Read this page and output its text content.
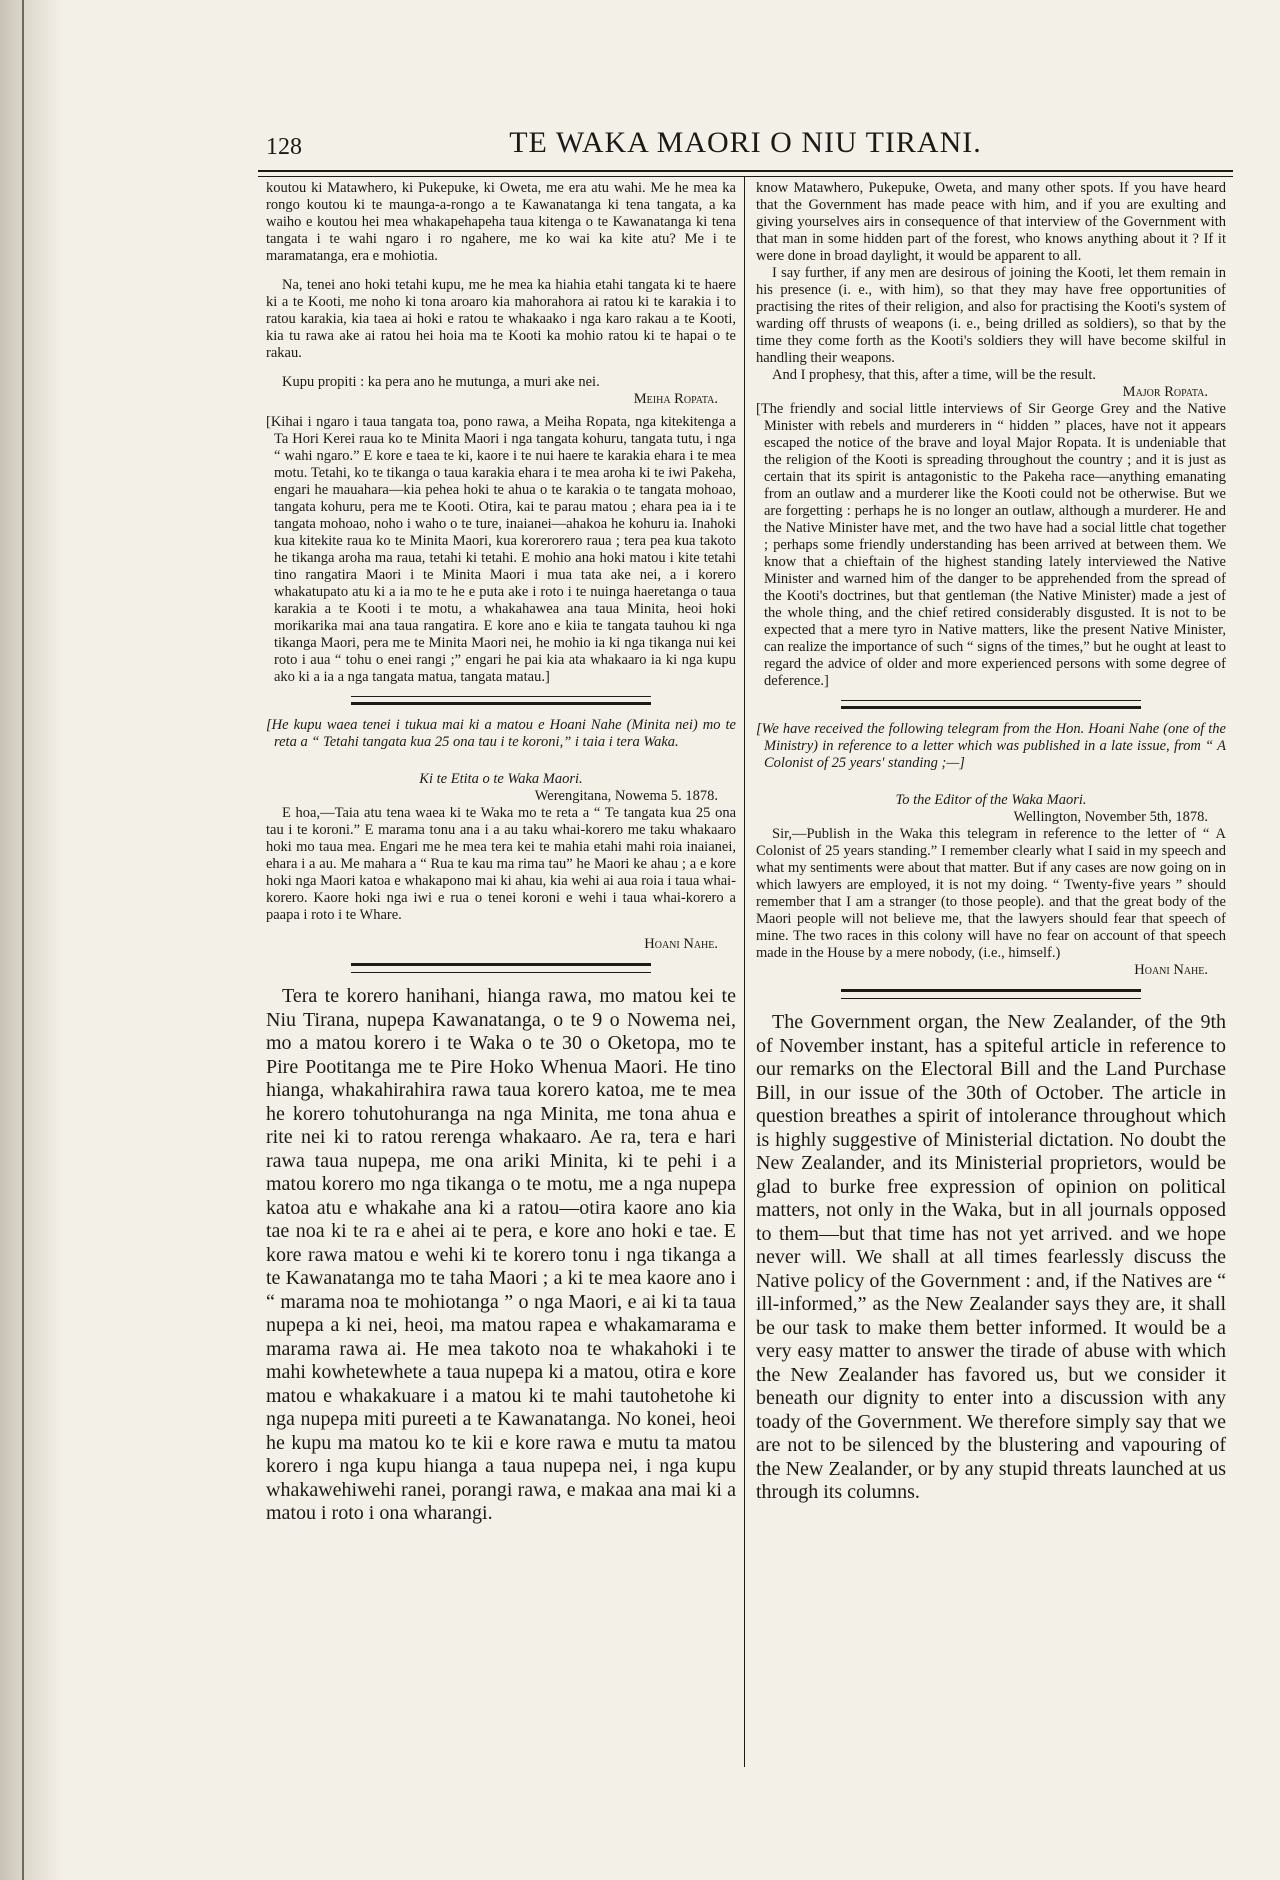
128	TE WAKA MAORI O NIU TIRANI.

koutou ki Matawhero, ki Pukepuke, ki Oweta, me era atu wahi. Me he mea ka rongo koutou ki te maunga-a-rongo a te Kawanatanga ki tena tangata, a ka waiho e koutou hei mea whakapehapeha taua kitenga o te Kawanatanga ki tena tangata i te wahi ngaro i ro ngahere, me ko wai ka kite atu? Me i te maramatanga, era e mohiotia.

Na, tenei ano hoki tetahi kupu, me he mea ka hiahia etahi tangata ki te haere ki a te Kooti, me noho ki tona aroaro kia mahorahora ai ratou ki te karakia i to ratou karakia, kia taea ai hoki e ratou te whakaako i nga karo rakau a te Kooti, kia tu rawa ake ai ratou hei hoia ma te Kooti ka mohio ratou ki te hapai o te rakau.

Kupu propiti : ka pera ano he mutunga, a muri ake nei.

Meiha Ropata.

[Kihai i ngaro i taua tangata toa, pono rawa, a Meiha Ropata, nga kitekitenga a Ta Hori Kerei raua ko te Minita Maori i nga tangata kohuru, tangata tutu, i nga “ wahi ngaro.” E kore e taea te ki, kaore i te nui haere te karakia ehara i te mea motu. Tetahi, ko te tikanga o taua karakia ehara i te mea aroha ki te iwi Pakeha, engari he mauahara—kia pehea hoki te ahua o te karakia o te tangata mohoao, tangata kohuru, pera me te Kooti. Otira, kai te parau matou ; ehara pea ia i te tangata mohoao, noho i waho o te ture, inaianei—ahakoa he kohuru ia. Inahoki kua kitekite raua ko te Minita Maori, kua korerorero raua ; tera pea kua takoto he tikanga aroha ma raua, tetahi ki tetahi. E mohio ana hoki matou i kite tetahi tino rangatira Maori i te Minita Maori i mua tata ake nei, a i korero whakatupato atu ki a ia mo te he e puta ake i roto i te nuinga haeretanga o taua karakia a te Kooti i te motu, a whakahawea ana taua Minita, heoi hoki morikarika mai ana taua rangatira. E kore ano e kiia te tangata tauhou ki nga tikanga Maori, pera me te Minita Maori nei, he mohio ia ki nga tikanga nui kei roto i aua “ tohu o enei rangi ;” engari he pai kia ata whakaaro ia ki nga kupu ako ki a ia a nga tangata matua, tangata matau.]

[He kupu waea tenei i tukua mai ki a matou e Hoani Nahe (Minita nei) mo te reta a “ Tetahi tangata kua 25 ona tau i te koroni,” i taia i tera Waka.

Ki te Etita o te Waka Maori.
Werengitana, Nowema 5. 1878.

E hoa,—Taia atu tena waea ki te Waka mo te reta a “ Te tangata kua 25 ona tau i te koroni.” E marama tonu ana i a au taku whai-korero me taku whakaaro hoki mo taua mea. Engari me he mea tera kei te mahia etahi mahi roia inaianei, ehara i a au. Me mahara a “ Rua te kau ma rima tau” he Maori ke ahau ; a e kore hoki nga Maori katoa e whakapono mai ki ahau, kia wehi ai aua roia i taua whai-korero. Kaore hoki nga iwi e rua o tenei koroni e wehi i taua whai-korero a paapa i roto i te Whare.

Hoani Nahe.

Tera te korero hanihani, hianga rawa, mo matou kei te Niu Tirana, nupepa Kawanatanga, o te 9 o Nowema nei, mo a matou korero i te Waka o te 30 o Oketopa, mo te Pire Pootitanga me te Pire Hoko Whenua Maori. He tino hianga, whakahirahira rawa taua korero katoa, me te mea he korero tohutohuranga na nga Minita, me tona ahua e rite nei ki to ratou rerenga whakaaro. Ae ra, tera e hari rawa taua nupepa, me ona ariki Minita, ki te pehi i a matou korero mo nga tikanga o te motu, me a nga nupepa katoa atu e whakahe ana ki a ratou—otira kaore ano kia tae noa ki te ra e ahei ai te pera, e kore ano hoki e tae. E kore rawa matou e wehi ki te korero tonu i nga tikanga a te Kawanatanga mo te taha Maori ; a ki te mea kaore ano i “ marama noa te mohiotanga ” o nga Maori, e ai ki ta taua nupepa a ki nei, heoi, ma matou rapea e whakamarama e marama rawa ai. He mea takoto noa te whakahoki i te mahi kowhetewhete a taua nupepa ki a matou, otira e kore matou e whakakuare i a matou ki te mahi tautohetohe ki nga nupepa miti pureeti a te Kawanatanga. No konei, heoi he kupu ma matou ko te kii e kore rawa e mutu ta matou korero i nga kupu hianga a taua nupepa nei, i nga kupu whakawehiwehi ranei, porangi rawa, e makaa ana mai ki a matou i roto i ona wharangi.

know Matawhero, Pukepuke, Oweta, and many other spots. If you have heard that the Government has made peace with him, and if you are exulting and giving yourselves airs in consequence of that interview of the Government with that man in some hidden part of the forest, who knows anything about it ? If it were done in broad daylight, it would be apparent to all.

I say further, if any men are desirous of joining the Kooti, let them remain in his presence (i. e., with him), so that they may have free opportunities of practising the rites of their religion, and also for practising the Kooti's system of warding off thrusts of weapons (i. e., being drilled as soldiers), so that by the time they come forth as the Kooti's soldiers they will have become skilful in handling their weapons.

And I prophesy, that this, after a time, will be the result.

Major Ropata.

[The friendly and social little interviews of Sir George Grey and the Native Minister with rebels and murderers in “ hidden ” places, have not it appears escaped the notice of the brave and loyal Major Ropata. It is undeniable that the religion of the Kooti is spreading throughout the country ; and it is just as certain that its spirit is antagonistic to the Pakeha race—anything emanating from an outlaw and a murderer like the Kooti could not be otherwise. But we are forgetting : perhaps he is no longer an outlaw, although a murderer. He and the Native Minister have met, and the two have had a social little chat together ; perhaps some friendly understanding has been arrived at between them. We know that a chieftain of the highest standing lately interviewed the Native Minister and warned him of the danger to be apprehended from the spread of the Kooti's doctrines, but that gentleman (the Native Minister) made a jest of the whole thing, and the chief retired considerably disgusted. It is not to be expected that a mere tyro in Native matters, like the present Native Minister, can realize the importance of such “ signs of the times,” but he ought at least to regard the advice of older and more experienced persons with some degree of deference.]

[We have received the following telegram from the Hon. Hoani Nahe (one of the Ministry) in reference to a letter which was published in a late issue, from “ A Colonist of 25 years' standing ;—]

To the Editor of the Waka Maori.
Wellington, November 5th, 1878.

Sir,—Publish in the Waka this telegram in reference to the letter of “ A Colonist of 25 years standing.” I remember clearly what I said in my speech and what my sentiments were about that matter. But if any cases are now going on in which lawyers are employed, it is not my doing. “ Twenty-five years ” should remember that I am a stranger (to those people). and that the great body of the Maori people will not believe me, that the lawyers should fear that speech of mine. The two races in this colony will have no fear on account of that speech made in the House by a mere nobody, (i.e., himself.)

Hoani Nahe.

The Government organ, the New Zealander, of the 9th of November instant, has a spiteful article in reference to our remarks on the Electoral Bill and the Land Purchase Bill, in our issue of the 30th of October. The article in question breathes a spirit of intolerance throughout which is highly suggestive of Ministerial dictation. No doubt the New Zealander, and its Ministerial proprietors, would be glad to burke free expression of opinion on political matters, not only in the Waka, but in all journals opposed to them—but that time has not yet arrived. and we hope never will. We shall at all times fearlessly discuss the Native policy of the Government : and, if the Natives are “ ill-informed,” as the New Zealander says they are, it shall be our task to make them better informed. It would be a very easy matter to answer the tirade of abuse with which the New Zealander has favored us, but we consider it beneath our dignity to enter into a discussion with any toady of the Government. We therefore simply say that we are not to be silenced by the blustering and vapouring of the New Zealander, or by any stupid threats launched at us through its columns.
